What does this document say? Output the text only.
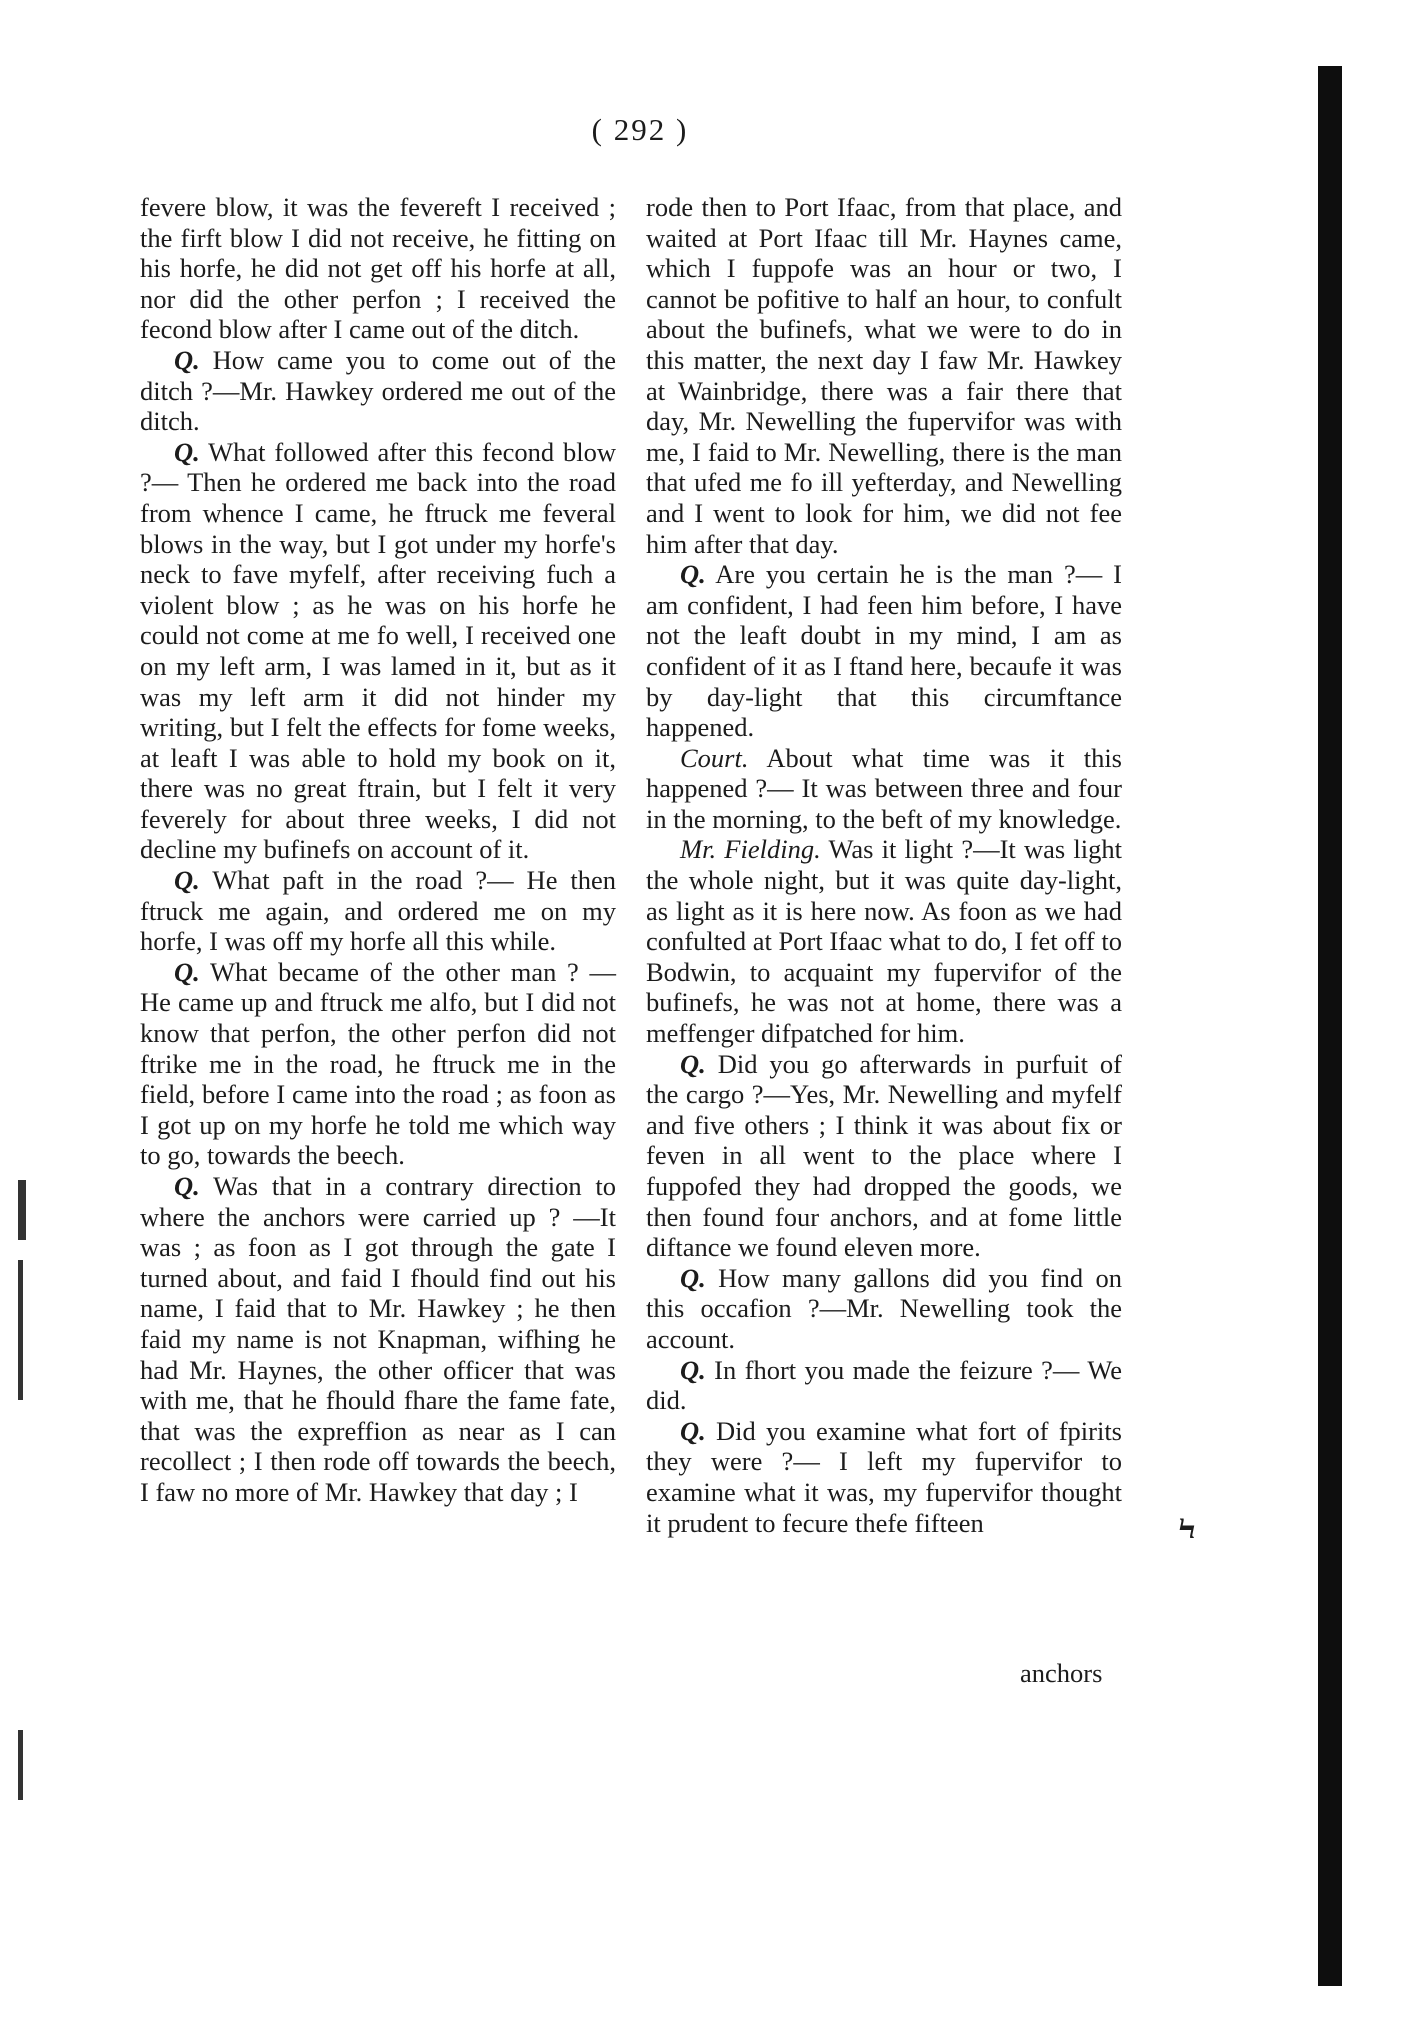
( 292 )

fevere blow, it was the fevereft I received ; the firft blow I did not receive, he fitting on his horfe, he did not get off his horfe at all, nor did the other perfon ; I received the fecond blow after I came out of the ditch.

Q. How came you to come out of the ditch ?—Mr. Hawkey ordered me out of the ditch.

Q. What followed after this fecond blow ?— Then he ordered me back into the road from whence I came, he ftruck me feveral blows in the way, but I got under my horfe's neck to fave myfelf, after receiving fuch a violent blow ; as he was on his horfe he could not come at me fo well, I received one on my left arm, I was lamed in it, but as it was my left arm it did not hinder my writing, but I felt the effects for fome weeks, at leaft I was able to hold my book on it, there was no great ftrain, but I felt it very feverely for about three weeks, I did not decline my bufinefs on account of it.

Q. What paft in the road ?— He then ftruck me again, and ordered me on my horfe, I was off my horfe all this while.

Q. What became of the other man ? — He came up and ftruck me alfo, but I did not know that perfon, the other perfon did not ftrike me in the road, he ftruck me in the field, before I came into the road ; as foon as I got up on my horfe he told me which way to go, towards the beech.

Q. Was that in a contrary direction to where the anchors were carried up ? —It was ; as foon as I got through the gate I turned about, and faid I fhould find out his name, I faid that to Mr. Hawkey ; he then faid my name is not Knapman, wifhing he had Mr. Haynes, the other officer that was with me, that he fhould fhare the fame fate, that was the expreffion as near as I can recollect ; I then rode off towards the beech, I faw no more of Mr. Hawkey that day ; I

rode then to Port Ifaac, from that place, and waited at Port Ifaac till Mr. Haynes came, which I fuppofe was an hour or two, I cannot be pofitive to half an hour, to confult about the bufinefs, what we were to do in this matter, the next day I faw Mr. Hawkey at Wainbridge, there was a fair there that day, Mr. Newelling the fupervifor was with me, I faid to Mr. Newelling, there is the man that ufed me fo ill yefterday, and Newelling and I went to look for him, we did not fee him after that day.

Q. Are you certain he is the man ?— I am confident, I had feen him before, I have not the leaft doubt in my mind, I am as confident of it as I ftand here, becaufe it was by day-light that this circumftance happened.

Court. About what time was it this happened ?— It was between three and four in the morning, to the beft of my knowledge.

Mr. Fielding. Was it light ?—It was light the whole night, but it was quite day-light, as light as it is here now. As foon as we had confulted at Port Ifaac what to do, I fet off to Bodwin, to acquaint my fupervifor of the bufinefs, he was not at home, there was a meffenger difpatched for him.

Q. Did you go afterwards in purfuit of the cargo ?—Yes, Mr. Newelling and myfelf and five others ; I think it was about fix or feven in all went to the place where I fuppofed they had dropped the goods, we then found four anchors, and at fome little diftance we found eleven more.

Q. How many gallons did you find on this occafion ?—Mr. Newelling took the account.

Q. In fhort you made the feizure ?— We did.

Q. Did you examine what fort of fpirits they were ?— I left my fupervifor to examine what it was, my fupervifor thought it prudent to fecure thefe fifteen

anchors
Ϟ
